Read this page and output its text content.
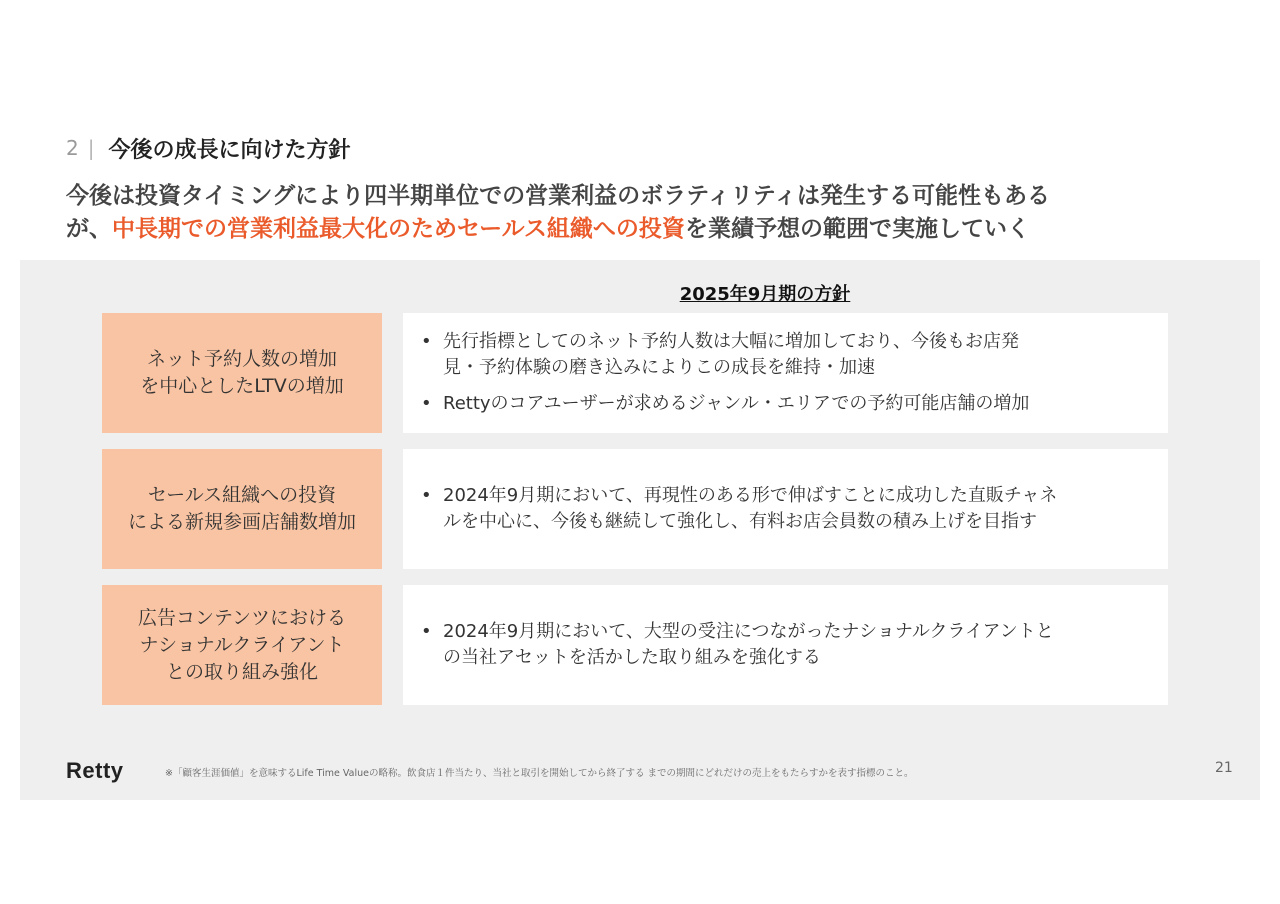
2 | 今後の成長に向けた方針
今後は投資タイミングにより四半期単位での営業利益のボラティリティは発生する可能性もある
が、中長期での営業利益最大化のためセールス組織への投資を業績予想の範囲で実施していく
2025年9月期の方針
ネット予約人数の増加
を中心としたLTVの増加
• 先行指標としてのネット予約人数は大幅に増加しており、今後もお店発
見・予約体験の磨き込みによりこの成長を維持・加速
• Rettyのコアユーザーが求めるジャンル・エリアでの予約可能店舗の増加
セールス組織への投資
による新規参画店舗数増加
• 2024年9月期において、再現性のある形で伸ばすことに成功した直販チャネ
ルを中心に、今後も継続して強化し、有料お店会員数の積み上げを目指す
広告コンテンツにおける
ナショナルクライアント
との取り組み強化
• 2024年9月期において、大型の受注につながったナショナルクライアントと
の当社アセットを活かした取り組みを強化する
Retty	※「顧客生涯価値」を意味するLife Time Valueの略称。飲食店１件当たり、当社と取引を開始してから終了する までの期間にどれだけの売上をもたらすかを表す指標のこと。	21
